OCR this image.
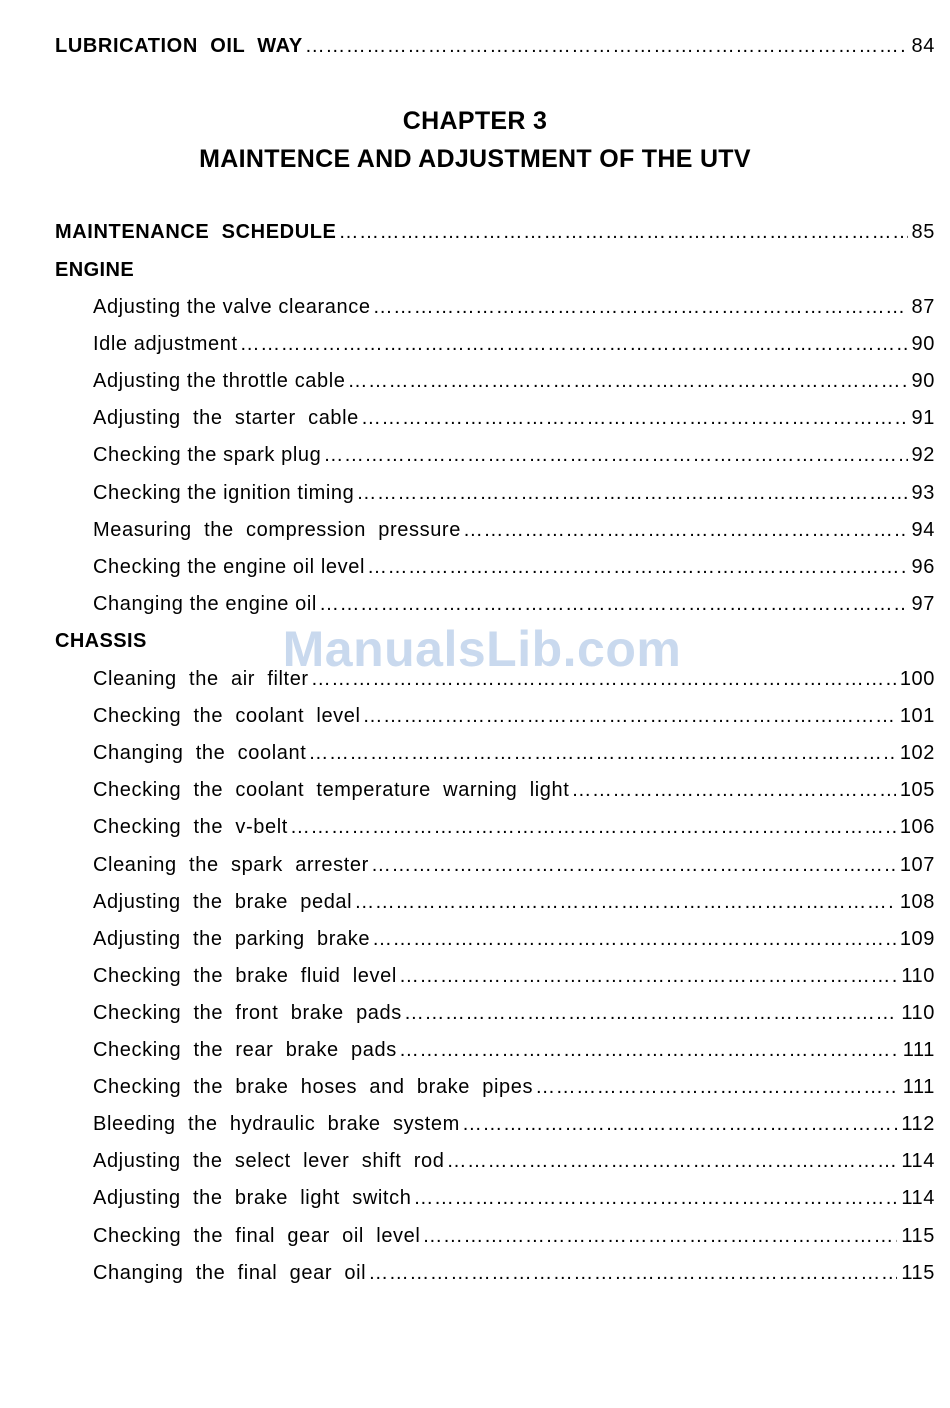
LUBRICATION  OIL  WAY …………………………………………………………………………………………………………………………………………………………………………………………	84
CHAPTER 3
MAINTENCE AND ADJUSTMENT OF THE UTV
MAINTENANCE  SCHEDULE …………………………………………………………………………………………………………………………………………………………………………………………	85
ENGINE
Adjusting the valve clearance …………………………………………………………………………………………………………………………………………………………………………………………	87
Idle adjustment …………………………………………………………………………………………………………………………………………………………………………………………	90
Adjusting the throttle cable …………………………………………………………………………………………………………………………………………………………………………………………	90
Adjusting  the  starter  cable …………………………………………………………………………………………………………………………………………………………………………………………	91
Checking the spark plug …………………………………………………………………………………………………………………………………………………………………………………………	92
Checking the ignition timing …………………………………………………………………………………………………………………………………………………………………………………………	93
Measuring  the  compression  pressure …………………………………………………………………………………………………………………………………………………………………………………………	94
Checking the engine oil level …………………………………………………………………………………………………………………………………………………………………………………………	96
Changing the engine oil …………………………………………………………………………………………………………………………………………………………………………………………	97
CHASSIS	ManualsLib.com
Cleaning  the  air  filter …………………………………………………………………………………………………………………………………………………………………………………………	100
Checking  the  coolant  level …………………………………………………………………………………………………………………………………………………………………………………………	101
Changing  the  coolant …………………………………………………………………………………………………………………………………………………………………………………………	102
Checking  the  coolant  temperature  warning  light …………………………………………………………………………………………………………………………………………………………………………………………	105
Checking  the  v-belt …………………………………………………………………………………………………………………………………………………………………………………………	106
Cleaning  the  spark  arrester …………………………………………………………………………………………………………………………………………………………………………………………	107
Adjusting  the  brake  pedal …………………………………………………………………………………………………………………………………………………………………………………………	108
Adjusting  the  parking  brake …………………………………………………………………………………………………………………………………………………………………………………………	109
Checking  the  brake  fluid  level …………………………………………………………………………………………………………………………………………………………………………………………	110
Checking  the  front  brake  pads …………………………………………………………………………………………………………………………………………………………………………………………	110
Checking  the  rear  brake  pads …………………………………………………………………………………………………………………………………………………………………………………………	111
Checking  the  brake  hoses  and  brake  pipes …………………………………………………………………………………………………………………………………………………………………………………………	111
Bleeding  the  hydraulic  brake  system …………………………………………………………………………………………………………………………………………………………………………………………	112
Adjusting  the  select  lever  shift  rod …………………………………………………………………………………………………………………………………………………………………………………………	114
Adjusting  the  brake  light  switch …………………………………………………………………………………………………………………………………………………………………………………………	114
Checking  the  final  gear  oil  level …………………………………………………………………………………………………………………………………………………………………………………………	115
Changing  the  final  gear  oil …………………………………………………………………………………………………………………………………………………………………………………………	115
